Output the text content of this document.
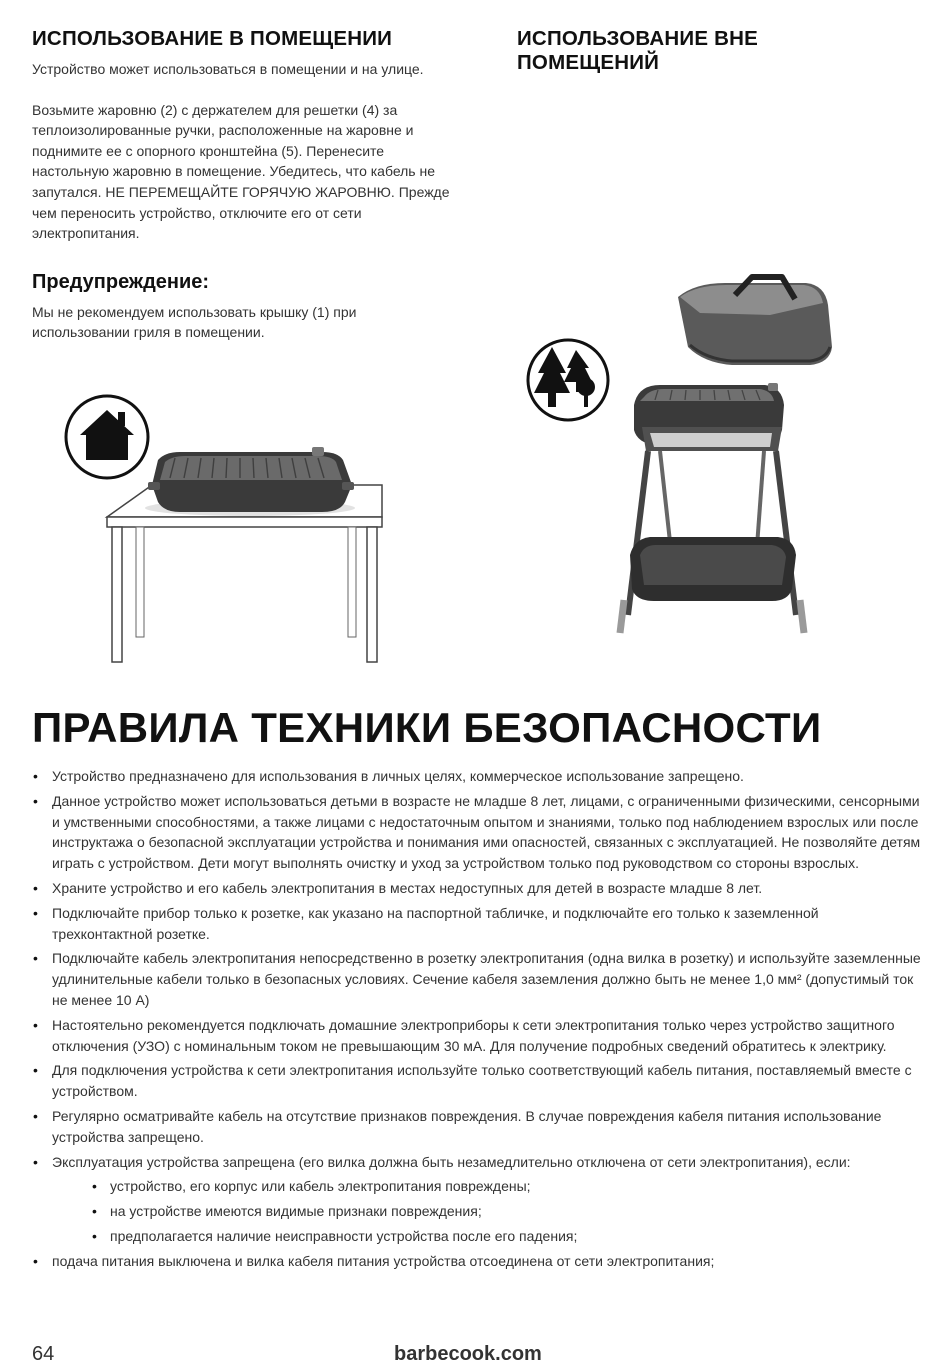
ИСПОЛЬЗОВАНИЕ В ПОМЕЩЕНИИ

Устройство может использоваться в помещении и на улице.

Возьмите жаровню (2) с держателем для решетки (4) за теплоизолированные ручки, расположенные на жаровне и поднимите ее с опорного кронштейна (5). Перенесите настольную жаровню в помещение. Убедитесь, что кабель не запутался. НЕ ПЕРЕМЕЩАЙТЕ ГОРЯЧУЮ ЖАРОВНЮ. Прежде чем переносить устройство, отключите его от сети электропитания.

Предупреждение:

Мы не рекомендуем использовать крышку (1) при использовании гриля в помещении.

ИСПОЛЬЗОВАНИЕ ВНЕ ПОМЕЩЕНИЙ
ПРАВИЛА ТЕХНИКИ БЕЗОПАСНОСТИ
• Устройство предназначено для использования в личных целях, коммерческое использование запрещено.
• Данное устройство может использоваться детьми в возрасте не младше 8 лет, лицами, с ограниченными физическими, сенсорными и умственными способностями, а также лицами с недостаточным опытом и знаниями, только под наблюдением взрослых или после инструктажа о безопасной эксплуатации устройства и понимания ими опасностей, связанных с эксплуатацией. Не позволяйте детям играть с устройством. Дети могут выполнять очистку и уход за устройством только под руководством со стороны взрослых.
• Храните устройство и его кабель электропитания в местах недоступных для детей в возрасте младше 8 лет.
• Подключайте прибор только к розетке, как указано на паспортной табличке, и подключайте его только к заземленной трехконтактной розетке.
• Подключайте кабель электропитания непосредственно в розетку электропитания (одна вилка в розетку) и используйте заземленные удлинительные кабели только в безопасных условиях. Сечение кабеля заземления должно быть не менее 1,0 мм² (допустимый ток не менее 10 А)
• Настоятельно рекомендуется подключать домашние электроприборы к сети электропитания только через устройство защитного отключения (УЗО) с номинальным током не превышающим 30 мА. Для получение подробных сведений обратитесь к электрику.
• Для подключения устройства к сети электропитания используйте только соответствующий кабель питания, поставляемый вместе с устройством.
• Регулярно осматривайте кабель на отсутствие признаков повреждения. В случае повреждения кабеля питания использование устройства запрещено.
• Эксплуатация устройства запрещена (его вилка должна быть незамедлительно отключена от сети электропитания), если:
• устройство, его корпус или кабель электропитания повреждены;
• на устройстве имеются видимые признаки повреждения;
• предполагается наличие неисправности устройства после его падения;
• подача питания выключена и вилка кабеля питания устройства отсоединена от сети электропитания;
64	barbecook.com
